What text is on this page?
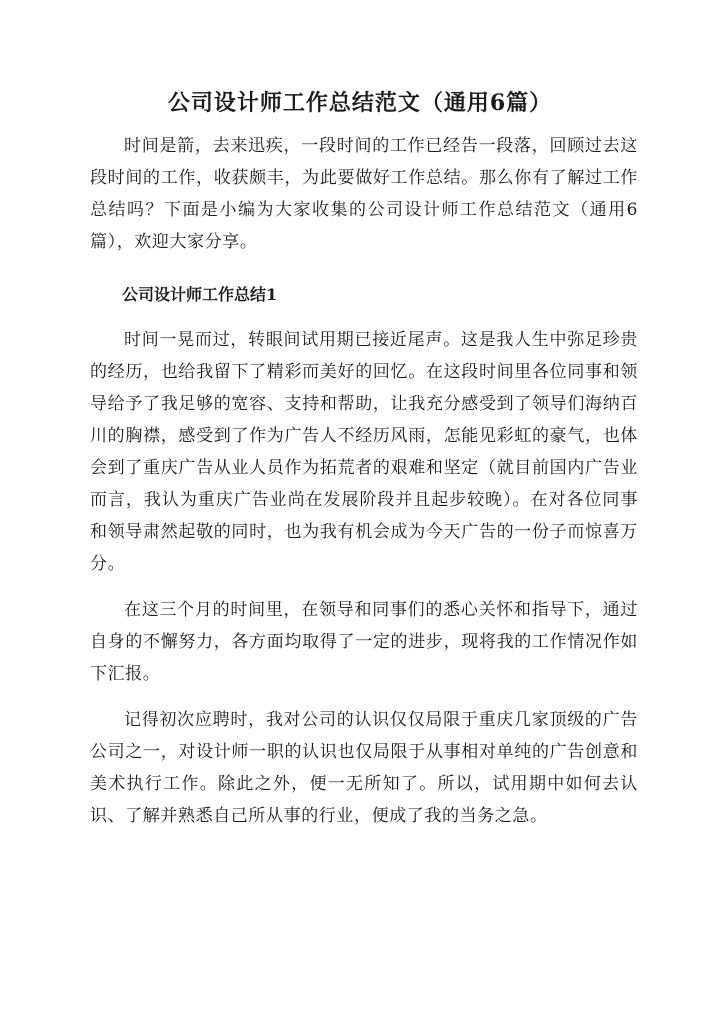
公司设计师工作总结范文（通用6篇）

时间是箭，去来迅疾，一段时间的工作已经告一段落，回顾过去这段时间的工作，收获颇丰，为此要做好工作总结。那么你有了解过工作总结吗？下面是小编为大家收集的公司设计师工作总结范文（通用6篇），欢迎大家分享。

公司设计师工作总结1

时间一晃而过，转眼间试用期已接近尾声。这是我人生中弥足珍贵的经历，也给我留下了精彩而美好的回忆。在这段时间里各位同事和领导给予了我足够的宽容、支持和帮助，让我充分感受到了领导们海纳百川的胸襟，感受到了作为广告人不经历风雨，怎能见彩虹的豪气，也体会到了重庆广告从业人员作为拓荒者的艰难和坚定（就目前国内广告业而言，我认为重庆广告业尚在发展阶段并且起步较晚）。在对各位同事和领导肃然起敬的同时，也为我有机会成为今天广告的一份子而惊喜万分。

在这三个月的时间里，在领导和同事们的悉心关怀和指导下，通过自身的不懈努力，各方面均取得了一定的进步，现将我的工作情况作如下汇报。

记得初次应聘时，我对公司的认识仅仅局限于重庆几家顶级的广告公司之一，对设计师一职的认识也仅局限于从事相对单纯的广告创意和美术执行工作。除此之外，便一无所知了。所以，试用期中如何去认识、了解并熟悉自己所从事的行业，便成了我的当务之急。
